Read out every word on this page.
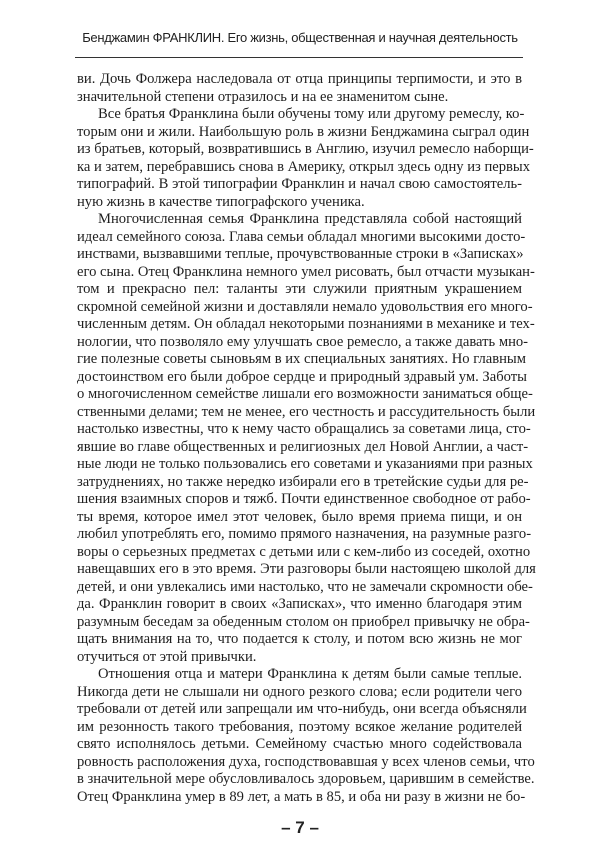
Бенджамин ФРАНКЛИН. Его жизнь, общественная и научная деятельность
ви. Дочь Фолжера наследовала от отца принципы терпимости, и это в
значительной степени отразилось и на ее знаменитом сыне.
Все братья Франклина были обучены тому или другому ремеслу, ко-
торым они и жили. Наибольшую роль в жизни Бенджамина сыграл один
из братьев, который, возвратившись в Англию, изучил ремесло наборщи-
ка и затем, перебравшись снова в Америку, открыл здесь одну из первых
типографий. В этой типографии Франклин и начал свою самостоятель-
ную жизнь в качестве типографского ученика.
Многочисленная семья Франклина представляла собой настоящий
идеал семейного союза. Глава семьи обладал многими высокими досто-
инствами, вызвавшими теплые, прочувствованные строки в «Записках»
его сына. Отец Франклина немного умел рисовать, был отчасти музыкан-
том и прекрасно пел: таланты эти служили приятным украшением
скромной семейной жизни и доставляли немало удовольствия его много-
численным детям. Он обладал некоторыми познаниями в механике и тех-
нологии, что позволяло ему улучшать свое ремесло, а также давать мно-
гие полезные советы сыновьям в их специальных занятиях. Но главным
достоинством его были доброе сердце и природный здравый ум. Заботы
о многочисленном семействе лишали его возможности заниматься обще-
ственными делами; тем не менее, его честность и рассудительность были
настолько известны, что к нему часто обращались за советами лица, сто-
явшие во главе общественных и религиозных дел Новой Англии, а част-
ные люди не только пользовались его советами и указаниями при разных
затруднениях, но также нередко избирали его в третейские судьи для ре-
шения взаимных споров и тяжб. Почти единственное свободное от рабо-
ты время, которое имел этот человек, было время приема пищи, и он
любил употреблять его, помимо прямого назначения, на разумные разго-
воры о серьезных предметах с детьми или с кем-либо из соседей, охотно
навещавших его в это время. Эти разговоры были настоящею школой для
детей, и они увлекались ими настолько, что не замечали скромности обе-
да. Франклин говорит в своих «Записках», что именно благодаря этим
разумным беседам за обеденным столом он приобрел привычку не обра-
щать внимания на то, что подается к столу, и потом всю жизнь не мог
отучиться от этой привычки.
Отношения отца и матери Франклина к детям были самые теплые.
Никогда дети не слышали ни одного резкого слова; если родители чего
требовали от детей или запрещали им что-нибудь, они всегда объясняли
им резонность такого требования, поэтому всякое желание родителей
свято исполнялось детьми. Семейному счастью много содействовала
ровность расположения духа, господствовавшая у всех членов семьи, что
в значительной мере обусловливалось здоровьем, царившим в семействе.
Отец Франклина умер в 89 лет, а мать в 85, и оба ни разу в жизни не бо-
– 7 –
